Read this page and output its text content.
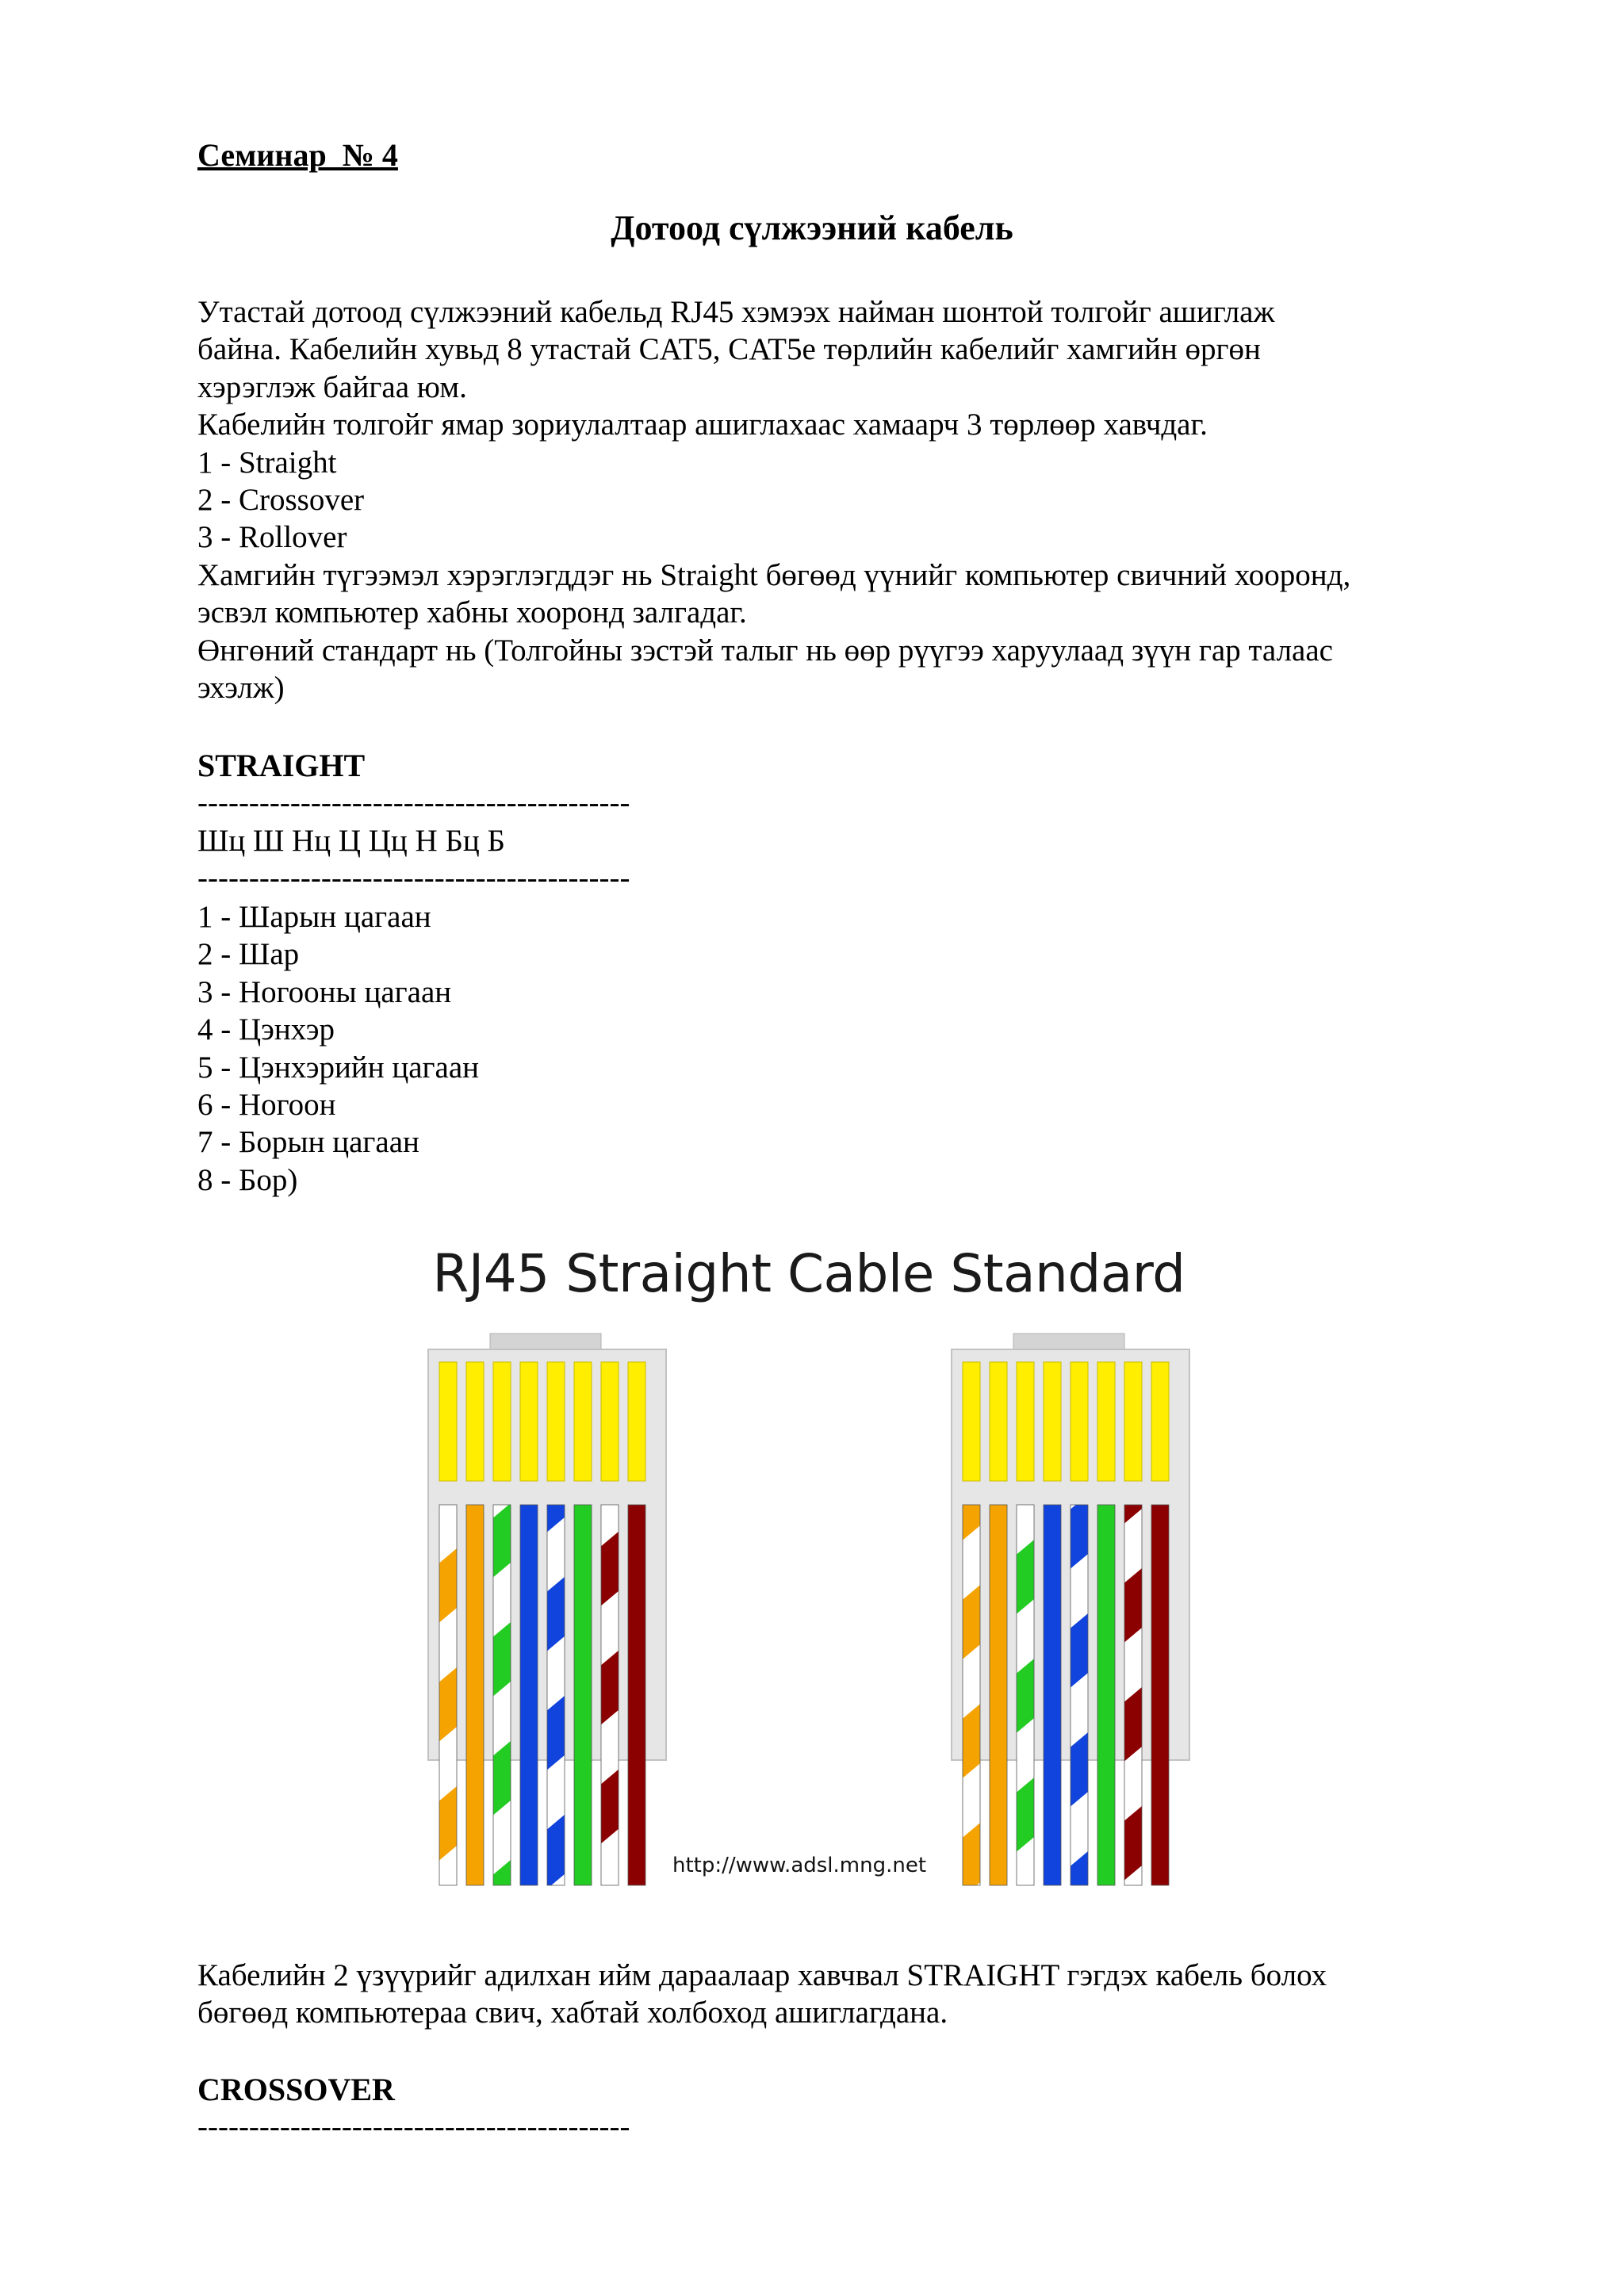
Семинар  № 4
Дотоод сүлжээний кабель
Утастай дотоод сүлжээний кабельд RJ45 хэмээх найман шонтой толгойг ашиглаж
байна. Кабелийн хувьд 8 утастай CAT5, CAT5e төрлийн кабелийг хамгийн өргөн
хэрэглэж байгаа юм.
Кабелийн толгойг ямар зориулалтаар ашиглахаас хамаарч 3 төрлөөр хавчдаг.
1 - Straight
2 - Crossover
3 - Rollover
Хамгийн түгээмэл хэрэглэгддэг нь Straight бөгөөд үүнийг компьютер свичний хооронд,
эсвэл компьютер хабны хооронд залгадаг.
Өнгөний стандарт нь (Толгойны зэстэй талыг нь өөр рүүгээ харуулаад зүүн гар талаас
эхэлж)
STRAIGHT
------------------------------------------
Шц Ш Нц Ц Цц Н Бц Б
------------------------------------------
1 - Шарын цагаан
2 - Шар
3 - Ногооны цагаан
4 - Цэнхэр
5 - Цэнхэрийн цагаан
6 - Ногоон
7 - Борын цагаан
8 - Бор)
RJ45 Straight Cable Standard
http://www.adsl.mng.net
Кабелийн 2 үзүүрийг адилхан ийм дараалаар хавчвал STRAIGHT гэгдэх кабель болох
бөгөөд компьютераа свич, хабтай холбоход ашиглагдана.
CROSSOVER
------------------------------------------
